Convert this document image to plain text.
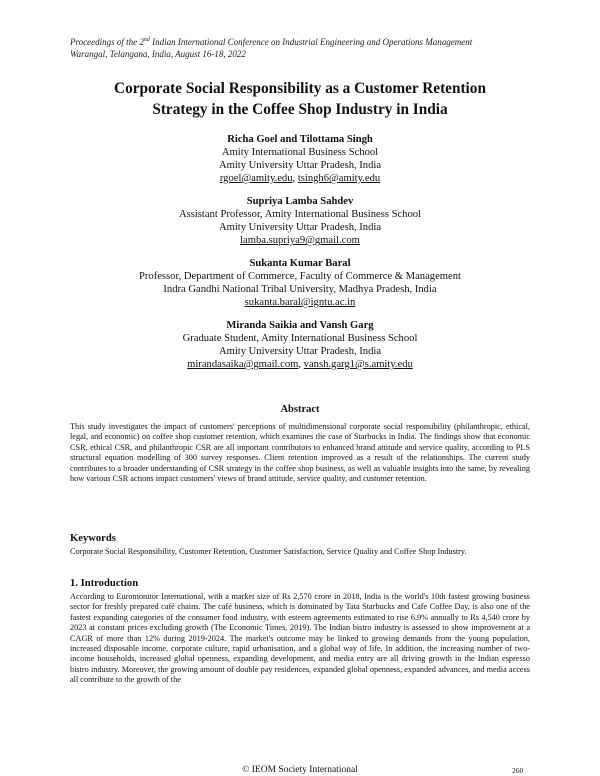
Proceedings of the 2nd Indian International Conference on Industrial Engineering and Operations Management
Warangal, Telangana, India, August 16-18, 2022
Corporate Social Responsibility as a Customer Retention
Strategy in the Coffee Shop Industry in India
Richa Goel and Tilottama Singh
Amity International Business School
Amity University Uttar Pradesh, India
rgoel@amity.edu, tsingh6@amity.edu
Supriya Lamba Sahdev
Assistant Professor, Amity International Business School
Amity University Uttar Pradesh, India
lamba.supriya9@gmail.com
Sukanta Kumar Baral
Professor, Department of Commerce, Faculty of Commerce & Management
Indra Gandhi National Tribal University, Madhya Pradesh, India
sukanta.baral@igntu.ac.in
Miranda Saikia and Vansh Garg
Graduate Student, Amity International Business School
Amity University Uttar Pradesh, India
mirandasaika@gmail.com, vansh.garg1@s.amity.edu
Abstract
This study investigates the impact of customers' perceptions of multidimensional corporate social responsibility (philanthropic, ethical, legal, and economic) on coffee shop customer retention, which examines the case of Starbucks in India. The findings show that economic CSR, ethical CSR, and philanthropic CSR are all important contributors to enhanced brand attitude and service quality, according to PLS structural equation modelling of 300 survey responses. Client retention improved as a result of the relationships. The current study contributes to a broader understanding of CSR strategy in the coffee shop business, as well as valuable insights into the same, by revealing how various CSR actions impact customers' views of brand attitude, service quality, and customer retention.
Keywords
Corporate Social Responsibility, Customer Retention, Customer Satisfaction, Service Quality and Coffee Shop Industry.
1. Introduction
According to Euromonitor International, with a market size of Rs 2,570 crore in 2018, India is the world's 10th fastest growing business sector for freshly prepared café chains. The café business, which is dominated by Tata Starbucks and Cafe Coffee Day, is also one of the fastest expanding categories of the consumer food industry, with esteem agreements estimated to rise 6.9% annually to Rs 4,540 crore by 2023 at constant prices excluding growth (The Economic Times, 2019). The Indian bistro industry is assessed to show improvement at a CAGR of more than 12% during 2019-2024. The market's outcome may be linked to growing demands from the young population, increased disposable income, corporate culture, rapid urbanisation, and a global way of life. In addition, the increasing number of two-income households, increased global openness, expanding development, and media entry are all driving growth in the Indian espresso bistro industry. Moreover, the growing amount of double pay residences, expanded global openness, expanded advances, and media access all contribute to the growth of the
© IEOM Society International	260
